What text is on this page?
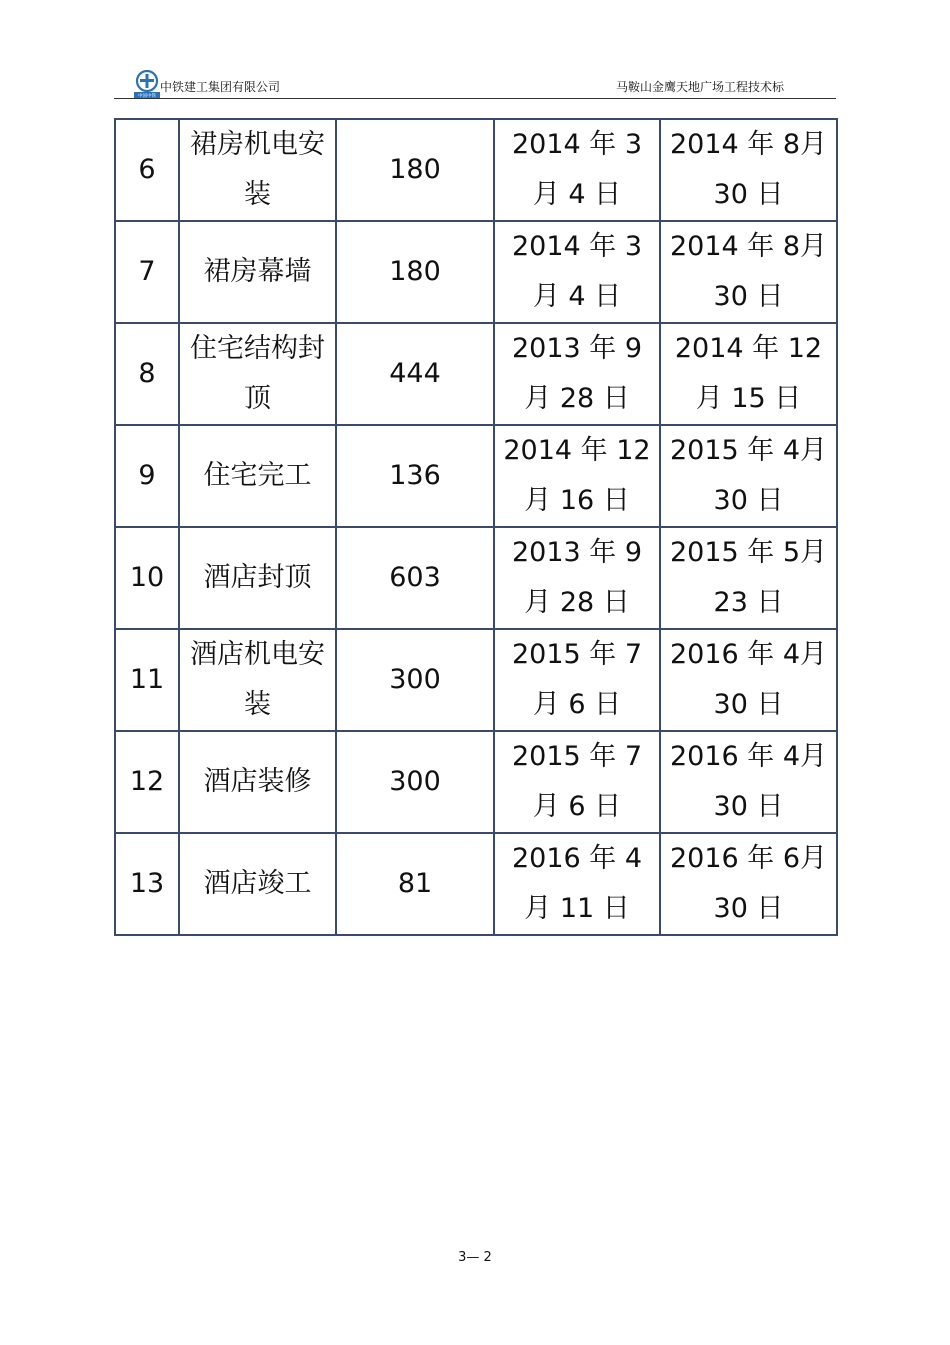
中国中铁
中铁建工集团有限公司	马鞍山金鹰天地广场工程技术标
6	裙房机电安装	180	2014 年 3 月 4 日	2014 年 8月 30 日
7	裙房幕墙	180	2014 年 3 月 4 日	2014 年 8月 30 日
8	住宅结构封顶	444	2013 年 9 月 28 日	2014 年 12 月 15 日
9	住宅完工	136	2014 年 12 月 16 日	2015 年 4月 30 日
10	酒店封顶	603	2013 年 9 月 28 日	2015 年 5月 23 日
11	酒店机电安装	300	2015 年 7 月 6 日	2016 年 4月 30 日
12	酒店装修	300	2015 年 7 月 6 日	2016 年 4月 30 日
13	酒店竣工	81	2016 年 4 月 11 日	2016 年 6月 30 日
3— 2
